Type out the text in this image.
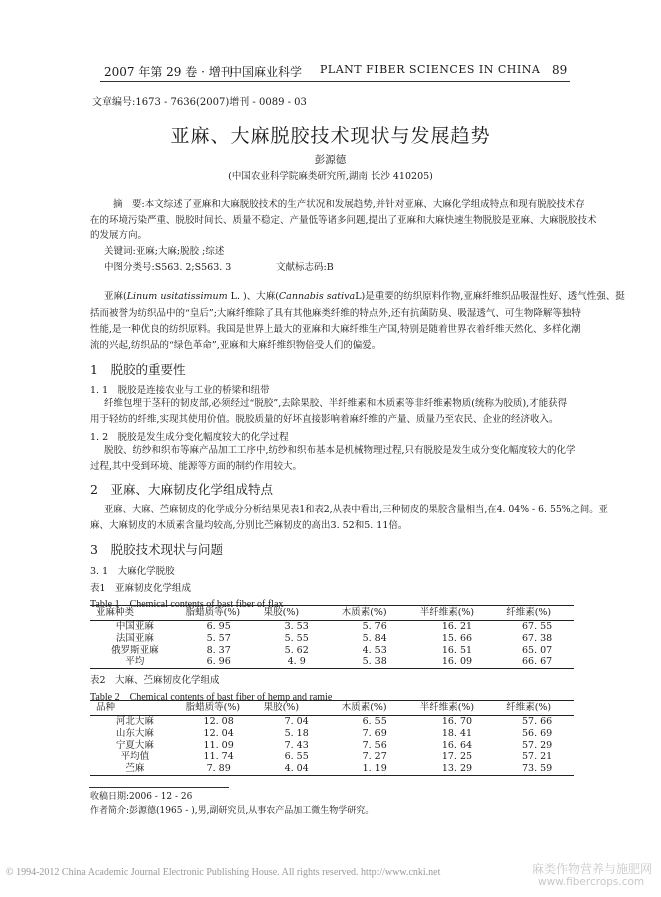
2007 年第 29 卷 · 增刊
中国麻业科学 PLANT FIBER SCIENCES IN CHINA 89
文章编号:1673 - 7636(2007)增刊 - 0089 - 03
亚麻、大麻脱胶技术现状与发展趋势
彭源德
(中国农业科学院麻类研究所,湖南 长沙 410205)
摘　要:本文综述了亚麻和大麻脱胶技术的生产状况和发展趋势,并针对亚麻、大麻化学组成特点和现有脱胶技术存
在的环境污染严重、脱胶时间长、质量不稳定、产量低等诸多问题,提出了亚麻和大麻快速生物脱胶是亚麻、大麻脱胶技术
的发展方向。
关键词:亚麻;大麻;脱胶 ;综述
中图分类号:S563. 2;S563. 3	文献标志码:B
亚麻(Linum usitatissimum L. )、大麻(Cannabis sativaL)是重要的纺织原料作物,亚麻纤维织品吸湿性好、透气性强、挺
括而被誉为纺织品中的“皇后”;大麻纤维除了具有其他麻类纤维的特点外,还有抗菌防臭、吸湿透气、可生物降解等独特
性能,是一种优良的纺织原料。我国是世界上最大的亚麻和大麻纤维生产国,特别是随着世界衣着纤维天然化、多样化潮
流的兴起,纺织品的“绿色革命”,亚麻和大麻纤维织物倍受人们的偏爱。
1　脱胶的重要性
1. 1　脱胶是连接农业与工业的桥梁和纽带
纤维包埋于茎秆的韧皮部,必须经过“脱胶”,去除果胶、半纤维素和木质素等非纤维素物质(统称为胶质),才能获得
用于轻纺的纤维,实现其使用价值。脱胶质量的好坏直接影响着麻纤维的产量、质量乃至农民、企业的经济收入。
1. 2　脱胶是发生成分变化幅度较大的化学过程
脱胶、纺纱和织布等麻产品加工工序中,纺纱和织布基本是机械物理过程,只有脱胶是发生成分变化幅度较大的化学
过程,其中受到环境、能源等方面的制约作用较大。
2　亚麻、大麻韧皮化学组成特点
亚麻、大麻、苎麻韧皮的化学成分分析结果见表1和表2,从表中看出,三种韧皮的果胶含量相当,在4. 04% - 6. 55%之间。亚
麻、大麻韧皮的木质素含量均较高,分别比苎麻韧皮的高出3. 52和5. 11倍。
3　脱胶技术现状与问题
3. 1　大麻化学脱胶
表1　亚麻韧皮化学组成
Table 1　Chemical contents of bast fiber of flax
亚麻种类	脂蜡质等(%)	果胶(%)	木质素(%)	半纤维素(%)	纤维素(%)
中国亚麻	6. 95	3. 53	5. 76	16. 21	67. 55
法国亚麻	5. 57	5. 55	5. 84	15. 66	67. 38
俄罗斯亚麻	8. 37	5. 62	4. 53	16. 51	65. 07
平均	6. 96	4. 9	5. 38	16. 09	66. 67
表2　大麻、苎麻韧皮化学组成
Table 2　Chemical contents of bast fiber of hemp and ramie
品种	脂蜡质等(%)	果胶(%)	木质素(%)	半纤维素(%)	纤维素(%)
河北大麻	12. 08	7. 04	6. 55	16. 70	57. 66
山东大麻	12. 04	5. 18	7. 69	18. 41	56. 69
宁夏大麻	11. 09	7. 43	7. 56	16. 64	57. 29
平均值	11. 74	6. 55	7. 27	17. 25	57. 21
苎麻	7. 89	4. 04	1. 19	13. 29	73. 59
收稿日期:2006 - 12 - 26
作者简介:彭源德(1965 - ),男,副研究员,从事农产品加工微生物学研究。
© 1994-2012 China Academic Journal Electronic Publishing House. All rights reserved. http://www.cnki.net	麻类作物营养与施肥网
www.fibercrops.com
